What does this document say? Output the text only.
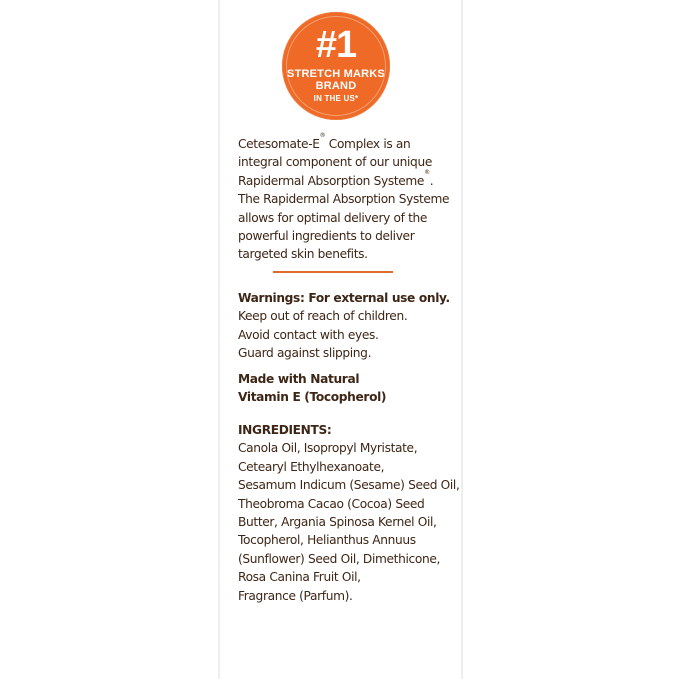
#1
STRETCH MARKS
BRAND
IN THE US*
Cetesomate-E® Complex is an
integral component of our unique
Rapidermal Absorption Systeme®.
The Rapidermal Absorption Systeme
allows for optimal delivery of the
powerful ingredients to deliver
targeted skin benefits.
Warnings: For external use only.
Keep out of reach of children.
Avoid contact with eyes.
Guard against slipping.
Made with Natural
Vitamin E (Tocopherol)
INGREDIENTS:
Canola Oil, Isopropyl Myristate,
Cetearyl Ethylhexanoate,
Sesamum Indicum (Sesame) Seed Oil,
Theobroma Cacao (Cocoa) Seed
Butter, Argania Spinosa Kernel Oil,
Tocopherol, Helianthus Annuus
(Sunflower) Seed Oil, Dimethicone,
Rosa Canina Fruit Oil,
Fragrance (Parfum).
